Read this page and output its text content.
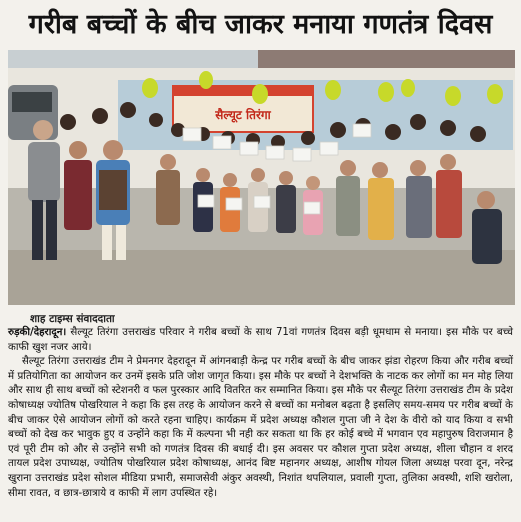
गरीब बच्चों के बीच जाकर मनाया गणतंत्र दिवस
सैल्यूट तिरंगा
शाह टाइम्स संवाददाता

रुड़की/देहरादून। सैल्यूट तिरंगा उत्तराखंड परिवार ने गरीब बच्चों के साथ 71वां गणतंत्र दिवस बड़ी धूमधाम से मनाया। इस मौके पर बच्चे काफी खुश नजर आये।

सैल्यूट तिरंगा उत्तराखंड टीम ने प्रेमनगर देहरादून में आंगनबाड़ी केन्द्र पर गरीब बच्चों के बीच जाकर झंडा रोहरण किया और गरीब बच्चों में प्रतियोगिता का आयोजन कर उनमें इसके प्रति जोश जागृत किया। इस मौके पर बच्चों ने देशभक्ति के नाटक कर लोगों का मन मोह लिया और साथ ही साथ बच्चों को स्टेशनरी व फल पुरस्कार आदि वितरित कर सम्मानित किया। इस मौके पर सैल्यूट तिरंगा उत्तराखंड टीम के प्रदेश कोषाध्यक्ष ज्योतिष पोखरियाल ने कहा कि इस तरह के आयोजन करने से बच्चों का मनोबल बढ़ता है इसलिए समय-समय पर गरीब बच्चों के बीच जाकर ऐसे आयोजन लोगों को करते रहना चाहिए। कार्यक्रम में प्रदेश अध्यक्ष कौशल गुप्ता जी ने देश के वीरो को याद किया व सभी बच्चों को देख कर भावुक हुए व उन्होंने कहा कि में कल्पना भी नही कर सकता था कि हर कोई बच्चे में भगवान एव महापुरुष विराजमान है एवं पूरी टीम को और से उन्होंने सभी को गणतंत्र दिवस की बधाई दी। इस अवसर पर कौशल गुप्ता प्रदेश अध्यक्ष, शीला चौहान व शरद तायल प्रदेश उपाध्यक्ष, ज्योतिष पोखरियाल प्रदेश कोषाध्यक्ष, आनंद बिष्ट महानगर अध्यक्ष, आशीष गोयल जिला अध्यक्ष परवा दून, नरेन्द्र खुराना उत्तराखंड प्रदेश सोशल मीडिया प्रभारी, समाजसेवी अंकुर अवस्थी, निशांत थपलियाल, प्रवाली गुप्ता, तुलिका अवस्थी, शशि खरोला, सीमा रावत, व छात्र-छात्राये व काफी में लाग उपस्थित रहे।
